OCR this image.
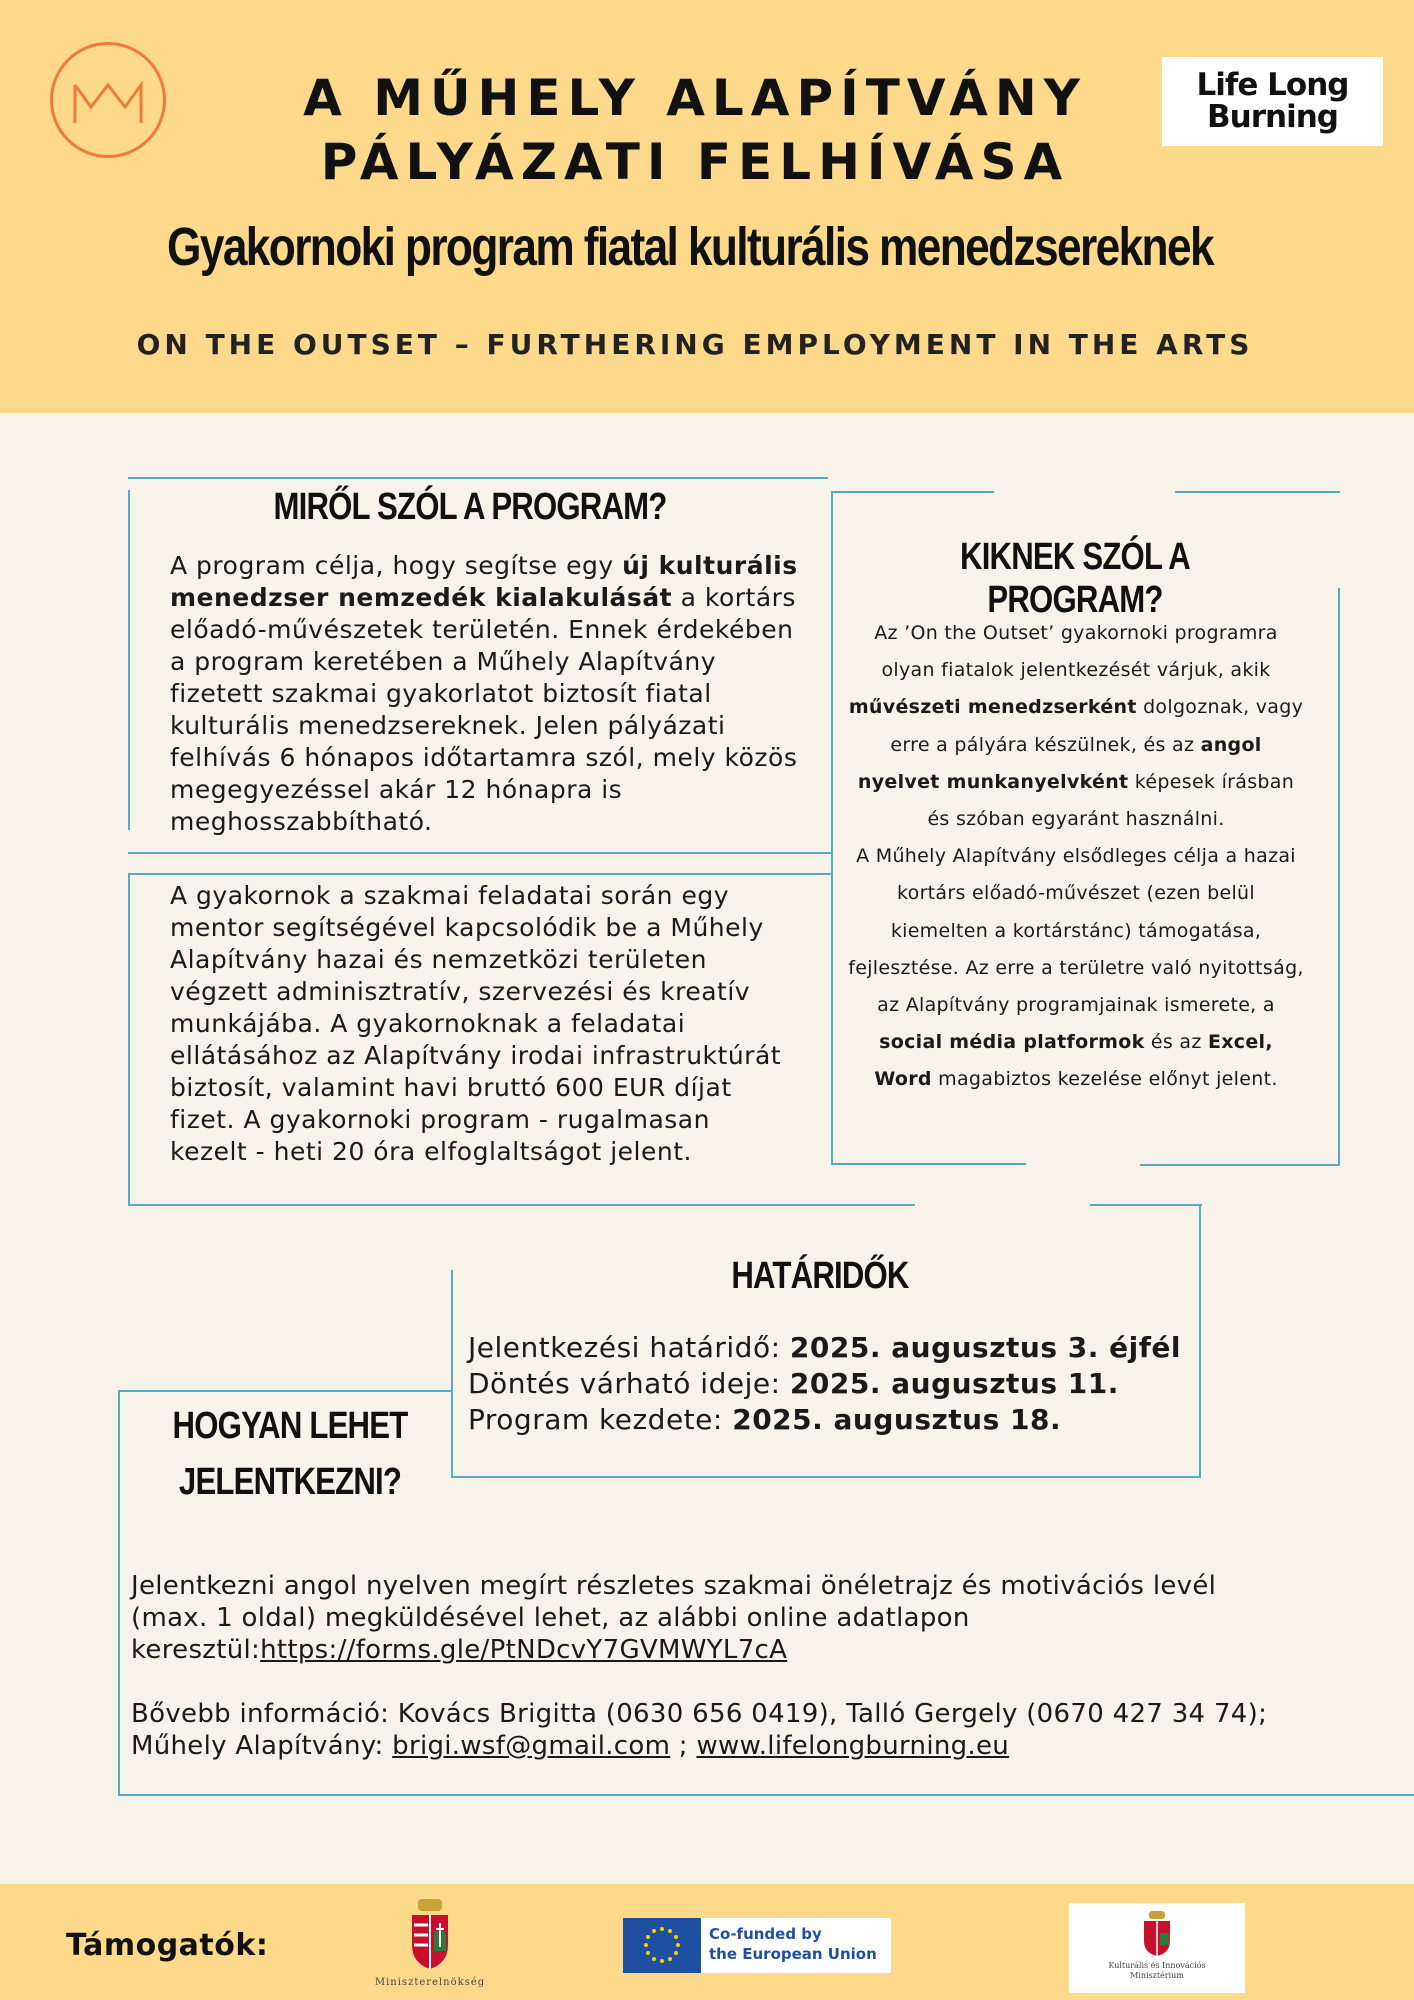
A MŰHELY ALAPÍTVÁNY
PÁLYÁZATI FELHÍVÁSA
Life Long
Burning
Gyakornoki program fiatal kulturális menedzsereknek
ON THE OUTSET – FURTHERING EMPLOYMENT IN THE ARTS
MIRŐL SZÓL A PROGRAM?
A program célja, hogy segítse egy új kulturális menedzser nemzedék kialakulását a kortárs előadó-művészetek területén. Ennek érdekében a program keretében a Műhely Alapítvány fizetett szakmai gyakorlatot biztosít fiatal kulturális menedzsereknek. Jelen pályázati felhívás 6 hónapos időtartamra szól, mely közös megegyezéssel akár 12 hónapra is meghosszabbítható.
A gyakornok a szakmai feladatai során egy mentor segítségével kapcsolódik be a Műhely Alapítvány hazai és nemzetközi területen végzett adminisztratív, szervezési és kreatív munkájába. A gyakornoknak a feladatai ellátásához az Alapítvány irodai infrastruktúrát biztosít, valamint havi bruttó 600 EUR díjat fizet. A gyakornoki program - rugalmasan kezelt - heti 20 óra elfoglaltságot jelent.
KIKNEK SZÓL A PROGRAM?
Az ’On the Outset’ gyakornoki programra olyan fiatalok jelentkezését várjuk, akik művészeti menedzserként dolgoznak, vagy erre a pályára készülnek, és az angol nyelvet munkanyelvként képesek írásban és szóban egyaránt használni.
A Műhely Alapítvány elsődleges célja a hazai kortárs előadó-művészet (ezen belül kiemelten a kortárstánc) támogatása, fejlesztése. Az erre a területre való nyitottság, az Alapítvány programjainak ismerete, a social média platformok és az Excel, Word magabiztos kezelése előnyt jelent.
HATÁRIDŐK
Jelentkezési határidő: 2025. augusztus 3. éjfél
Döntés várható ideje: 2025. augusztus 11.
Program kezdete: 2025. augusztus 18.
HOGYAN LEHET
JELENTKEZNI?
Jelentkezni angol nyelven megírt részletes szakmai önéletrajz és motivációs levél (max. 1 oldal) megküldésével lehet, az alábbi online adatlapon keresztül:https://forms.gle/PtNDcvY7GVMWYL7cA
Bővebb információ: Kovács Brigitta (0630 656 0419), Talló Gergely (0670 427 34 74); Műhely Alapítvány: brigi.wsf@gmail.com ; www.lifelongburning.eu
Támogatók:
Miniszterelnökség
Co-funded by
the European Union
Kulturális és Innovációs
Minisztérium
